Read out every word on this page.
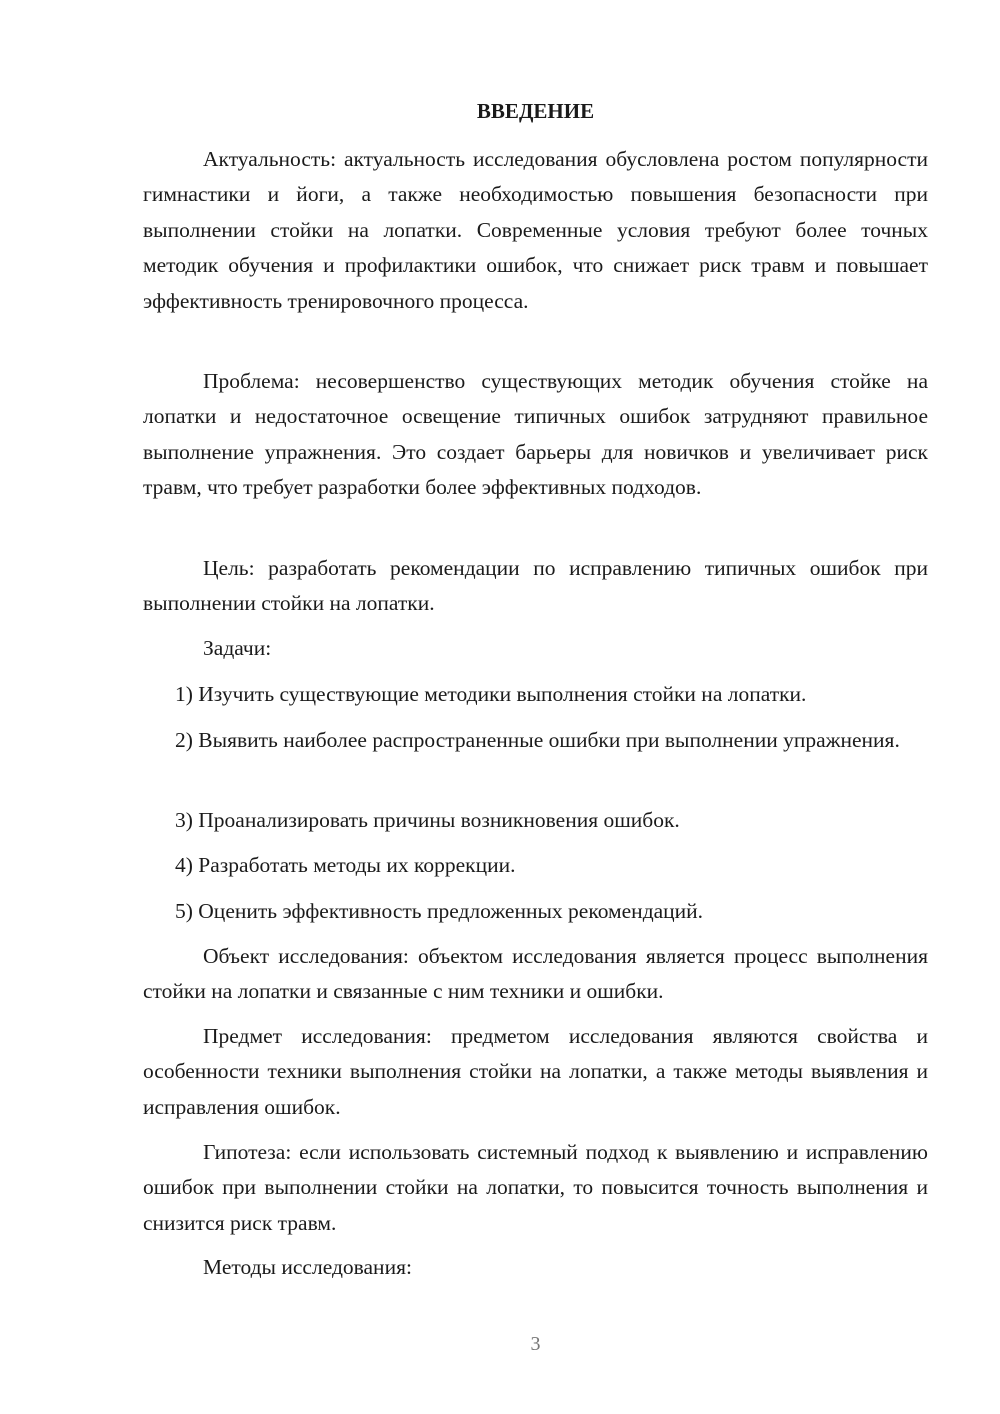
ВВЕДЕНИЕ

Актуальность: актуальность исследования обусловлена ростом популярности гимнастики и йоги, а также необходимостью повышения безопасности при выполнении стойки на лопатки. Современные условия требуют более точных методик обучения и профилактики ошибок, что снижает риск травм и повышает эффективность тренировочного процесса.

Проблема: несовершенство существующих методик обучения стойке на лопатки и недостаточное освещение типичных ошибок затрудняют правильное выполнение упражнения. Это создает барьеры для новичков и увеличивает риск травм, что требует разработки более эффективных подходов.

Цель: разработать рекомендации по исправлению типичных ошибок при выполнении стойки на лопатки.

Задачи:

1) Изучить существующие методики выполнения стойки на лопатки.

2) Выявить наиболее распространенные ошибки при выполнении упражнения.

3) Проанализировать причины возникновения ошибок.

4) Разработать методы их коррекции.

5) Оценить эффективность предложенных рекомендаций.

Объект исследования: объектом исследования является процесс выполнения стойки на лопатки и связанные с ним техники и ошибки.

Предмет исследования: предметом исследования являются свойства и особенности техники выполнения стойки на лопатки, а также методы выявления и исправления ошибок.

Гипотеза: если использовать системный подход к выявлению и исправлению ошибок при выполнении стойки на лопатки, то повысится точность выполнения и снизится риск травм.

Методы исследования:

3
